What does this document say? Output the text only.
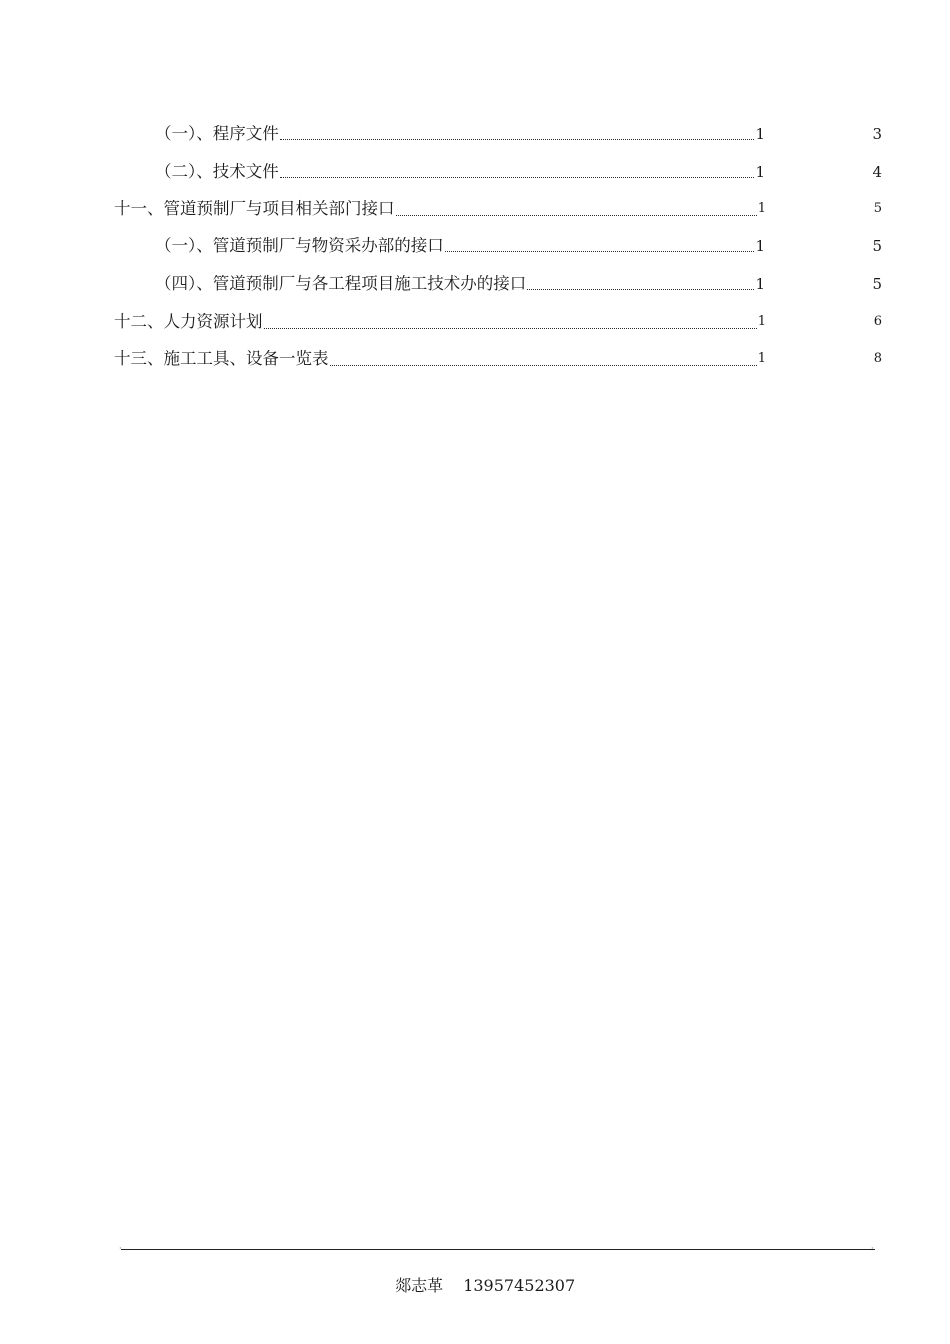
（一）、程序文件	1	3
（二）、技术文件	1	4
十一、管道预制厂与项目相关部门接口	1	5
（一）、管道预制厂与物资采办部的接口	1	5
（四）、管道预制厂与各工程项目施工技术办的接口	1	5
十二、人力资源计划	1	6
十三、施工工具、设备一览表	1	8
·	·

郯志革 13957452307
